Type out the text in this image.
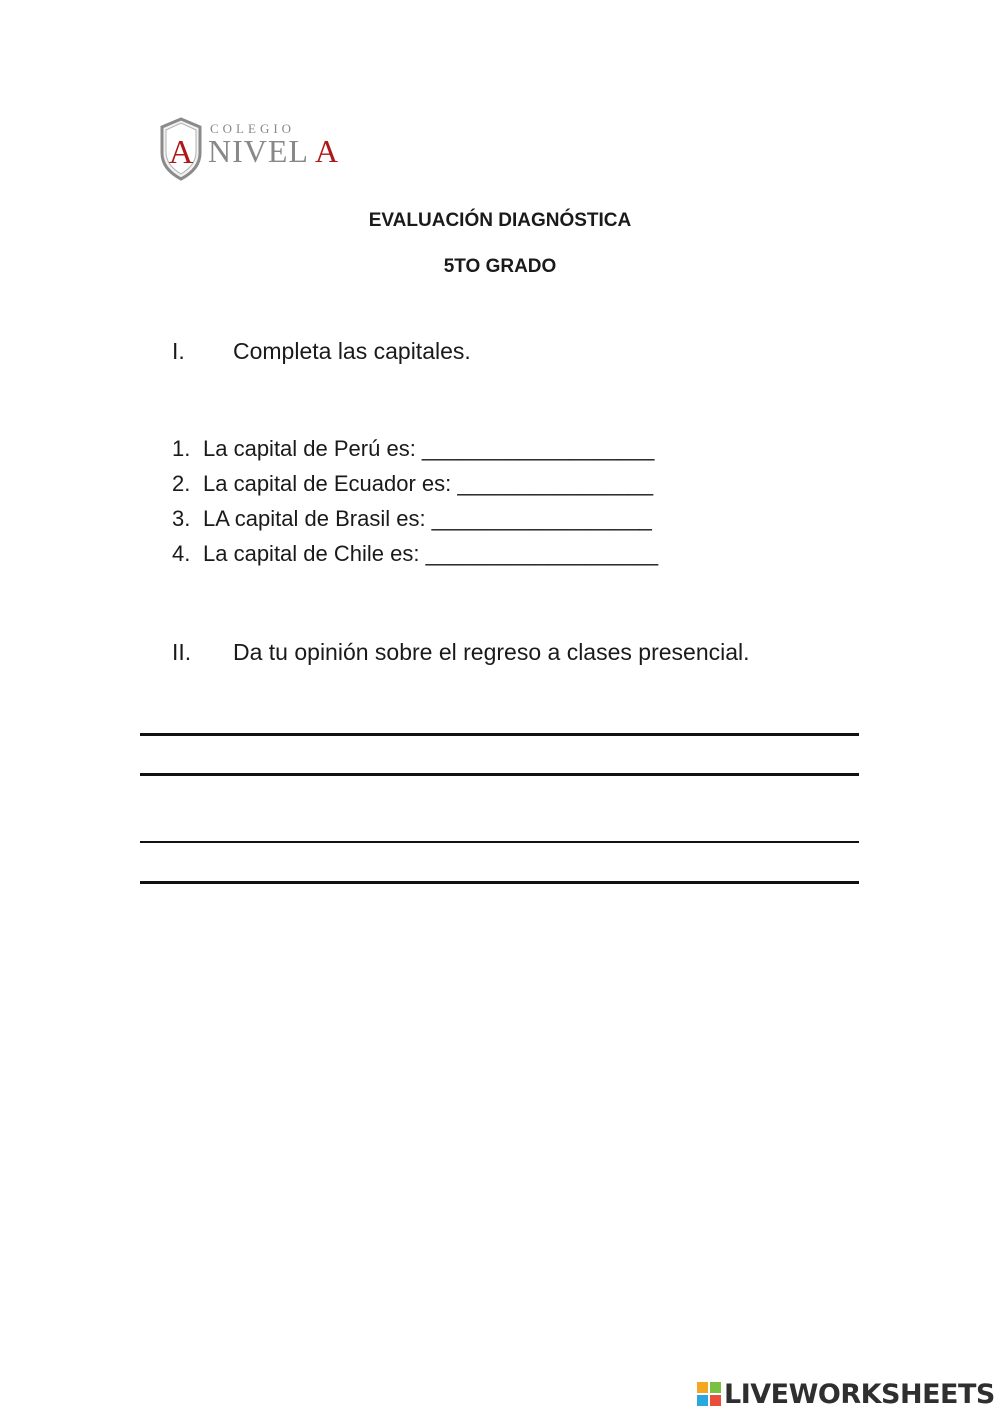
A
COLEGIO
NIVEL A
EVALUACIÓN DIAGNÓSTICA
5TO GRADO
I. Completa las capitales.
1. La capital de Perú es: ___________________
2. La capital de Ecuador es: ________________
3. LA capital de Brasil es: __________________
4. La capital de Chile es: ___________________
II. Da tu opinión sobre el regreso a clases presencial.
LIVEWORKSHEETS
